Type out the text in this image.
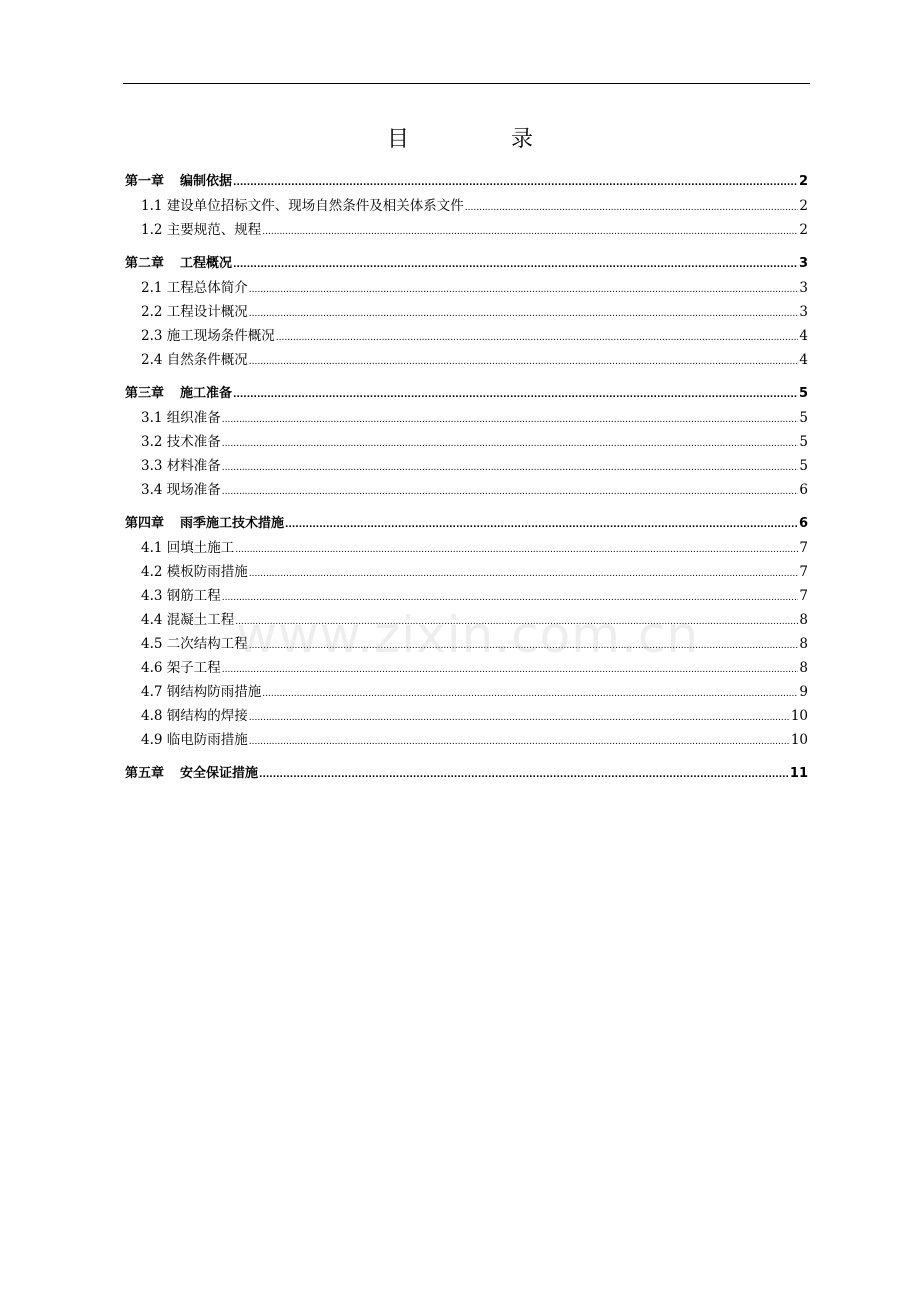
目　录
第一章 编制依据 .....	2
1.1 建设单位招标文件、现场自然条件及相关体系文件 .....	2
1.2 主要规范、规程 .....	2
第二章 工程概况 .....	3
2.1 工程总体简介 .....	3
2.2 工程设计概况 .....	3
2.3 施工现场条件概况 .....	4
2.4 自然条件概况 .....	4
第三章 施工准备 .....	5
3.1 组织准备 .....	5
3.2 技术准备 .....	5
3.3 材料准备 .....	5
3.4 现场准备 .....	6
第四章 雨季施工技术措施 .....	6
4.1 回填土施工 .....	7
4.2 模板防雨措施 .....	7
4.3 钢筋工程 .....	7
4.4 混凝土工程 .....	8
4.5 二次结构工程 .....	8
4.6 架子工程 .....	8
4.7 钢结构防雨措施 .....	9
4.8 钢结构的焊接 .....	10
4.9 临电防雨措施 .....	10
第五章 安全保证措施 .....	11
www.zixin.com.cn
